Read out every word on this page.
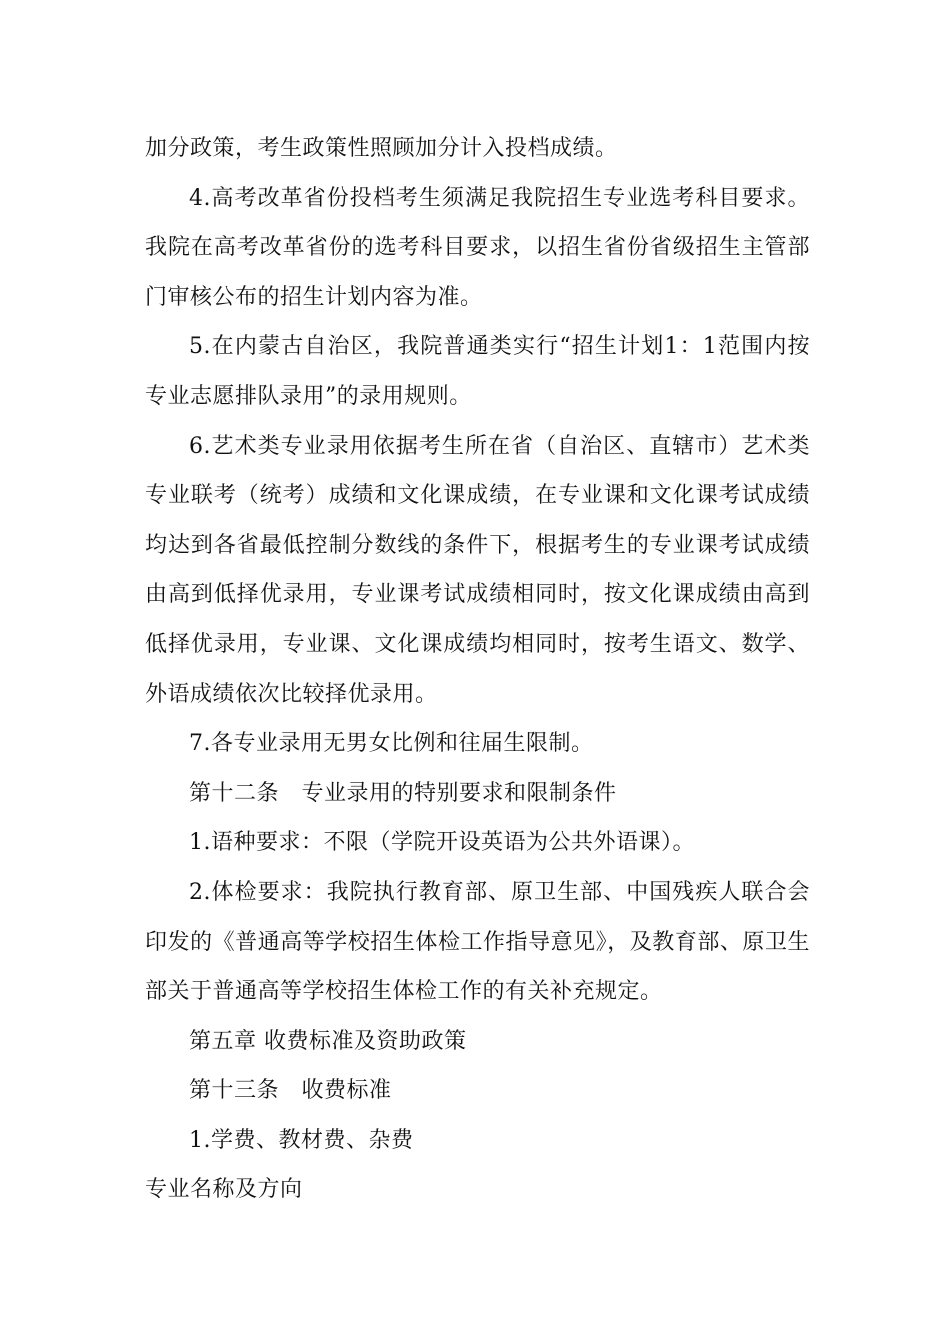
加分政策，考生政策性照顾加分计入投档成绩。

4.高考改革省份投档考生须满足我院招生专业选考科目要求。我院在高考改革省份的选考科目要求，以招生省份省级招生主管部门审核公布的招生计划内容为准。

5.在内蒙古自治区，我院普通类实行“招生计划1：1范围内按专业志愿排队录用”的录用规则。

6.艺术类专业录用依据考生所在省（自治区、直辖市）艺术类专业联考（统考）成绩和文化课成绩，在专业课和文化课考试成绩均达到各省最低控制分数线的条件下，根据考生的专业课考试成绩由高到低择优录用，专业课考试成绩相同时，按文化课成绩由高到低择优录用，专业课、文化课成绩均相同时，按考生语文、数学、外语成绩依次比较择优录用。

7.各专业录用无男女比例和往届生限制。

第十二条　专业录用的特别要求和限制条件

1.语种要求：不限（学院开设英语为公共外语课）。

2.体检要求：我院执行教育部、原卫生部、中国残疾人联合会印发的《普通高等学校招生体检工作指导意见》，及教育部、原卫生部关于普通高等学校招生体检工作的有关补充规定。

第五章 收费标准及资助政策

第十三条　收费标准

1.学费、教材费、杂费

专业名称及方向
